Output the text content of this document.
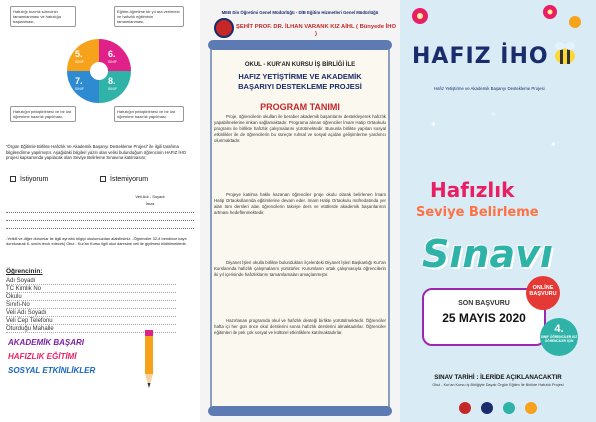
Hafızlığı hızırlık sürecinin tamamlanması ve hafızlığa başlanması,
Eğitim-öğretime bir yıl ara verilmesi ve hafızlık eğitiminin tamamlanması,
Hafızlığın pekiştirilmesi ve bir üst öğrenime hazırlık yapılması,
Hafızlığın pekiştirilmesi ve bir üst öğrenime hazırlık yapılması.
5.	6.
7.	8.
SINIF	SINIF
SINIF	SINIF
“Örgün Eğitimle Birlikte Hafızlık Ve Akademik Başarıyı Destekleme Projesi” ile ilgili tarafıma bilgilendirme yapılmıştır. Aşağıdaki bilgileri yazılı olan velisi bulunduğum öğrencinin HAFIZ İHO projesi kapsamında yapılacak olan Seviye Belirleme Sınavına katılmasını;
İstiyorum	İstemiyorum
Veli Adı - Soyadı
İmza
-Yetkili ve diğer durumlar ile ilgili ayrıntılı bilgiyi okulumuzdan alabilirsiniz. -Öğrenciler 32-4 bendince kayıt dondurarak 6. sınıfa terch edecek) Okul - Kur'an Kursu ilgili okul daresine veli ile giyilmesi bildirilmektedir.
Öğrencinin:
Adı Soyadı
TC Kimlik No
Okulu
Sınıfı-No
Veli Adı Soyadı
Veli Cep Telefonu
Oturduğu Mahalle
AKADEMİK BAŞARI
HAFIZLIK EĞİTİMİ
SOSYAL ETKİNLİKLER
MEB Din Öğretimi Genel Müdürlüğü - DİB Eğitim Hizmetleri Genel Müdürlüğü
ŞEHİT PROF. DR. İLHAN VARANK KIZ AİHL ( Bünyede İHO )
OKUL - KUR'AN KURSU İŞ BİRLİĞİ İLE
HAFIZ YETİŞTİRME VE AKADEMİK BAŞARIYI DESTEKLEME PROJESİ
PROGRAM TANIMI
Proje, öğrencilerin okulları ile beraber akademik başarılarını destekleyerek hafızlık yapabilmelerine imkan sağlamaktadır. Programa alınan öğrenciler İmam Hatip Ortaokulu programı ile birlikte hafızlık çalışmalarını yürütmektedir. Bununla birlikte yapılan sosyal etkinlikler ile de öğrencilerin bu süreçte ruhsal ve sosyal açıdan gelişimlerine yardımcı olunmaktadır.
Projeye katılma hakkı kazanan öğrenciler proje okulu olarak belirlenen İmam Hatip Ortaokullarında eğitimlerine devam eder. İmam Hatip Ortaokulu müfredatında yer alan tüm dersleri alan öğrencilerin takviye ders ve etütlerde akademik başarılarının artması hedeflenmektedir.
Diyanet İşleri okulla birlikte bulundukları ilçelerdeki Diyanet İşleri Başkanlığı Kur'an Kurslarında hafızlık çalışmalarını yürütürler. Kurumların ortak çalışmasıyla öğrencilerin iki yıl içerisinde hafızlıklarını tamamlamaları amaçlanmıştır.
Hazırlanan programda okul ve hafızlık desteği birlikte yürütülmektedir. Öğrenciler hafta içi her gün önce okul derslerini sonra hafızlık derslerini almaktadırlar. Öğrenciler eğitimleri ile pek çok sosyal ve kültürel etkinliklere katılmaktadırlar.
HAFIZ İHO
Hafız Yetiştirme ve Akademik Başarıyı Destekleme Projesi
✦
✦
✧
Hafızlık
Seviye Belirleme
Sınavı
SON BAŞVURU
25 MAYIS 2020
ONLİNE BAŞVURU
4.
SINIF ÖĞRENCİLER KIZ ÖĞRENCİLER İÇİN
SINAV TARİHİ : İLERİDE AÇIKLANACAKTIR
Okul - Kur'an Kursu İş Birliğiyle Dayalı Örgün Eğitim İle Birlikte Hafızlık Projesi
